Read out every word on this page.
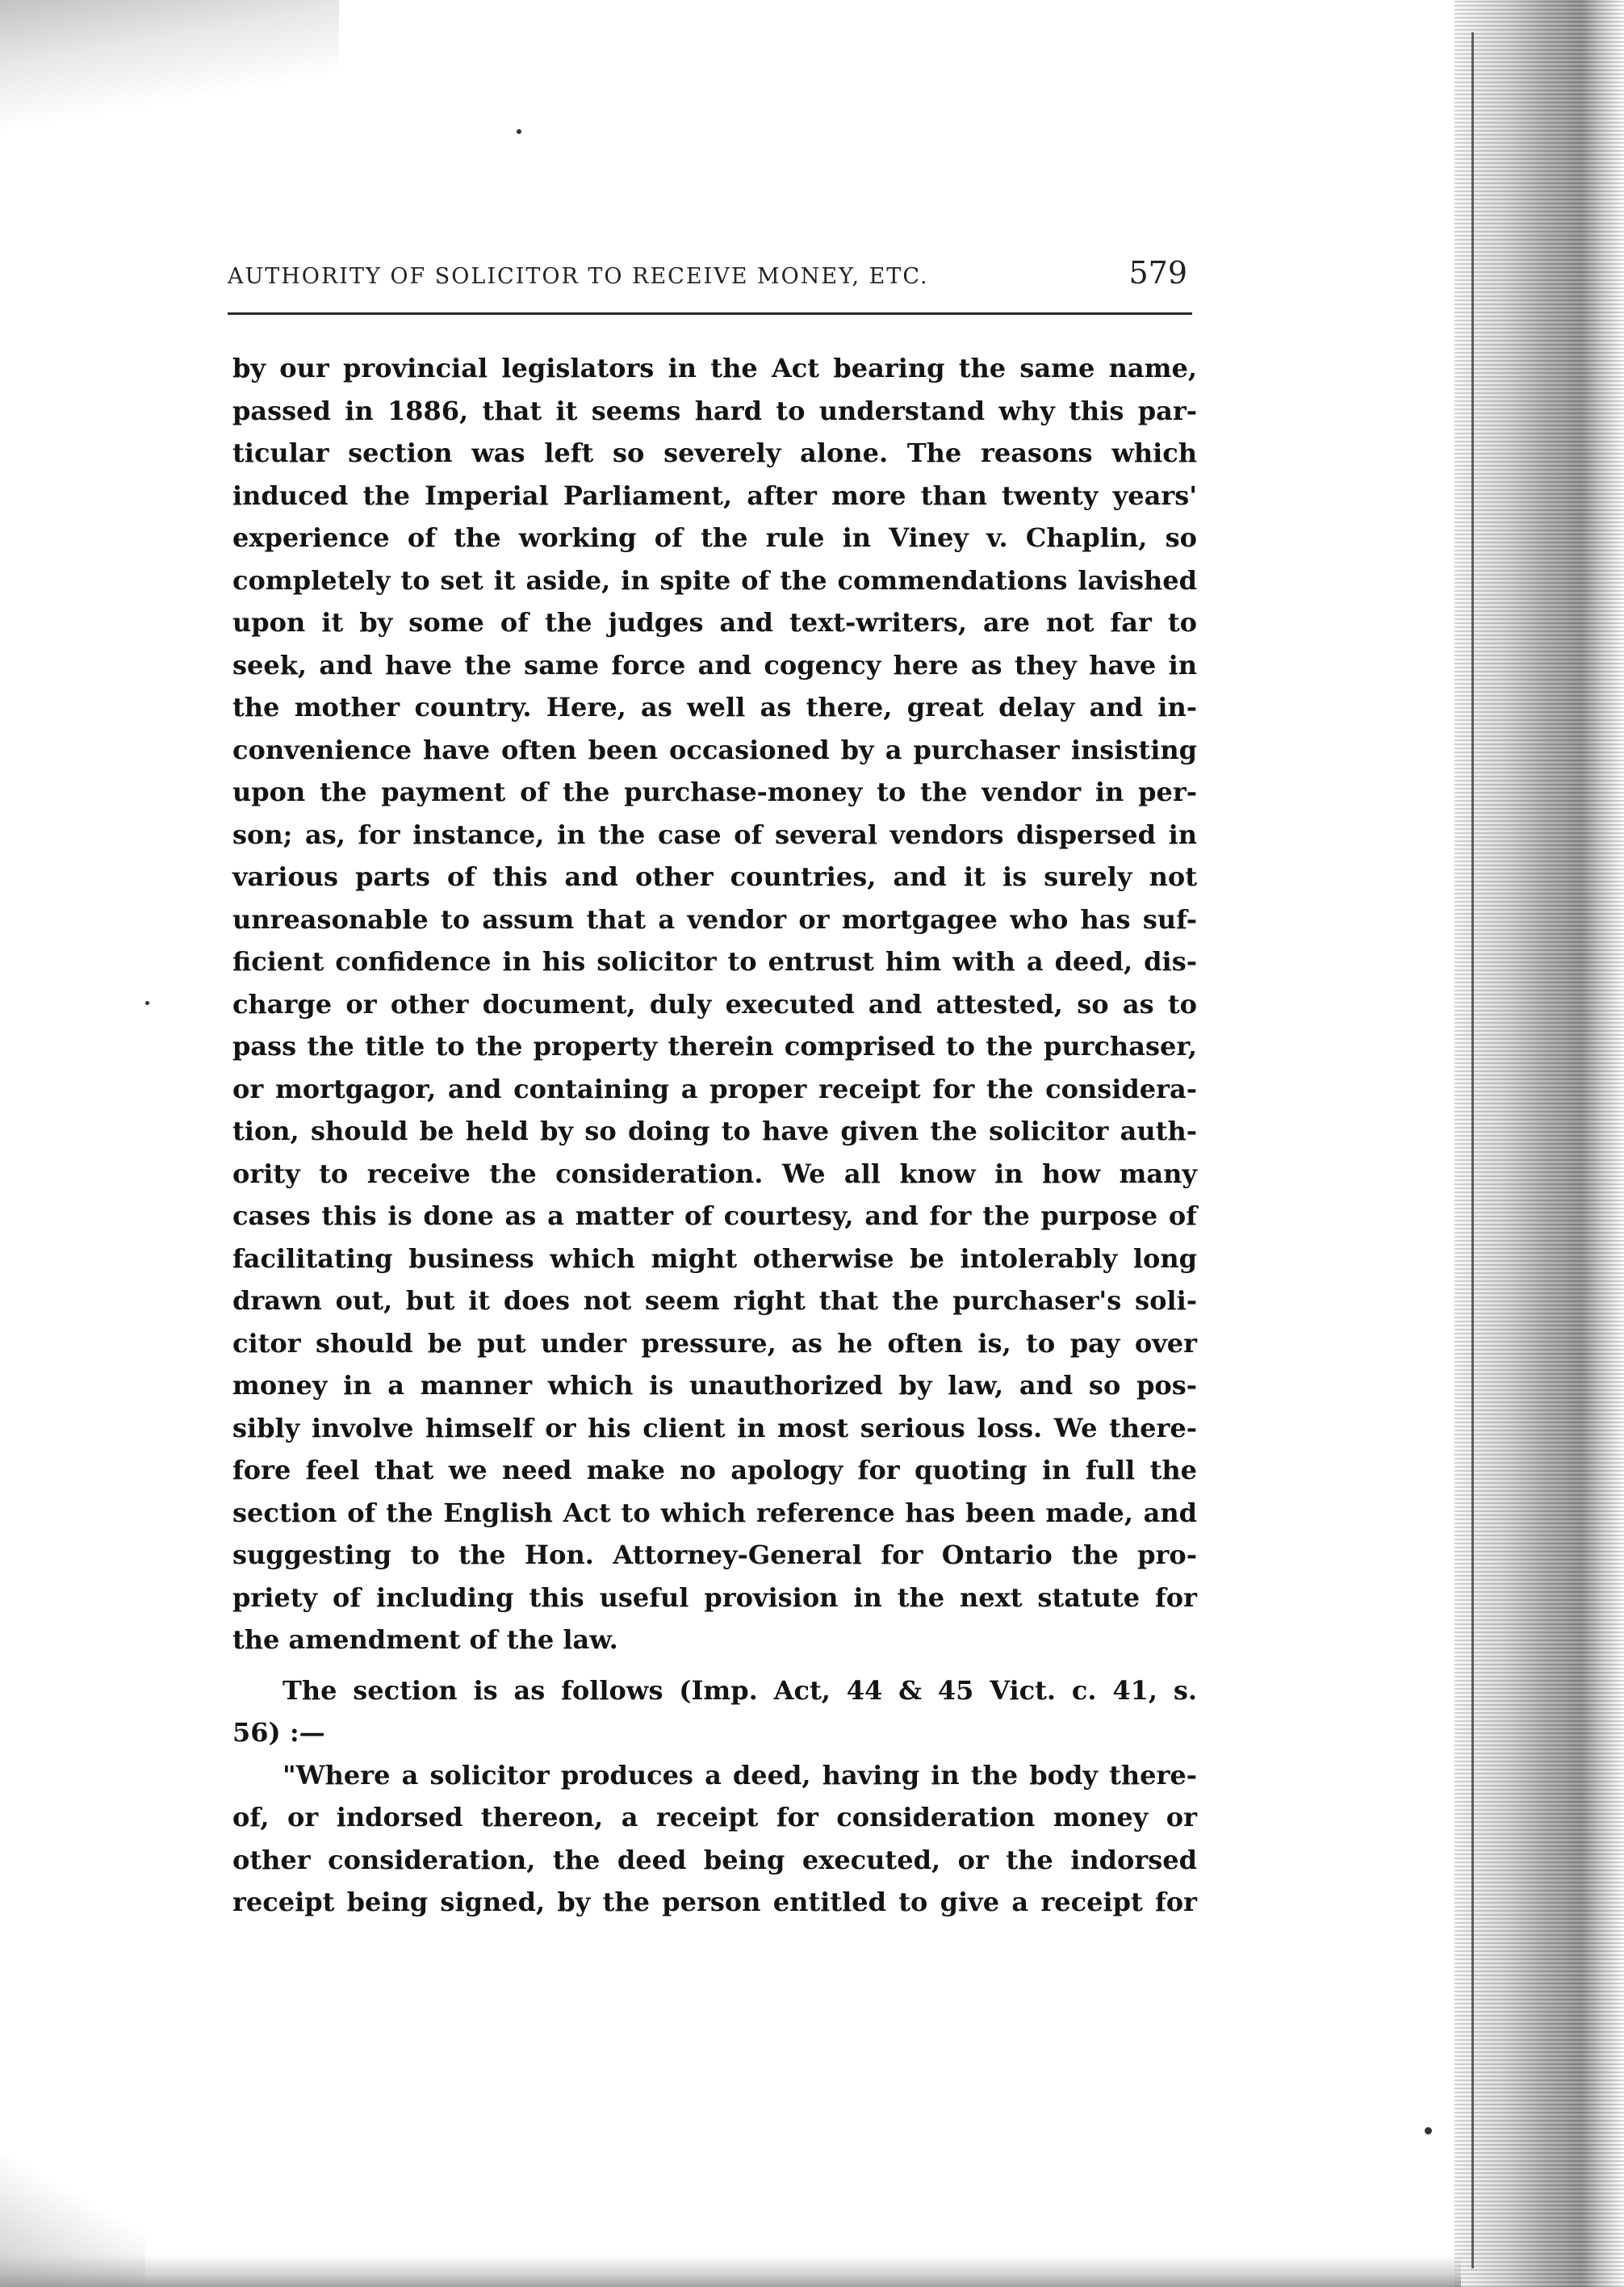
AUTHORITY OF SOLICITOR TO RECEIVE MONEY, ETC.	579
by our provincial legislators in the Act bearing the same name,
passed in 1886, that it seems hard to understand why this par-
ticular section was left so severely alone. The reasons which
induced the Imperial Parliament, after more than twenty years'
experience of the working of the rule in Viney v. Chaplin, so
completely to set it aside, in spite of the commendations lavished
upon it by some of the judges and text-writers, are not far to
seek, and have the same force and cogency here as they have in
the mother country. Here, as well as there, great delay and in-
convenience have often been occasioned by a purchaser insisting
upon the payment of the purchase-money to the vendor in per-
son; as, for instance, in the case of several vendors dispersed in
various parts of this and other countries, and it is surely not
unreasonable to assum that a vendor or mortgagee who has suf-
ficient confidence in his solicitor to entrust him with a deed, dis-
charge or other document, duly executed and attested, so as to
pass the title to the property therein comprised to the purchaser,
or mortgagor, and containing a proper receipt for the considera-
tion, should be held by so doing to have given the solicitor auth-
ority to receive the consideration. We all know in how many
cases this is done as a matter of courtesy, and for the purpose of
facilitating business which might otherwise be intolerably long
drawn out, but it does not seem right that the purchaser's soli-
citor should be put under pressure, as he often is, to pay over
money in a manner which is unauthorized by law, and so pos-
sibly involve himself or his client in most serious loss. We there-
fore feel that we need make no apology for quoting in full the
section of the English Act to which reference has been made, and
suggesting to the Hon. Attorney-General for Ontario the pro-
priety of including this useful provision in the next statute for
the amendment of the law.
The section is as follows (Imp. Act, 44 & 45 Vict. c. 41, s.
56) :—
"Where a solicitor produces a deed, having in the body there-
of, or indorsed thereon, a receipt for consideration money or
other consideration, the deed being executed, or the indorsed
receipt being signed, by the person entitled to give a receipt for
